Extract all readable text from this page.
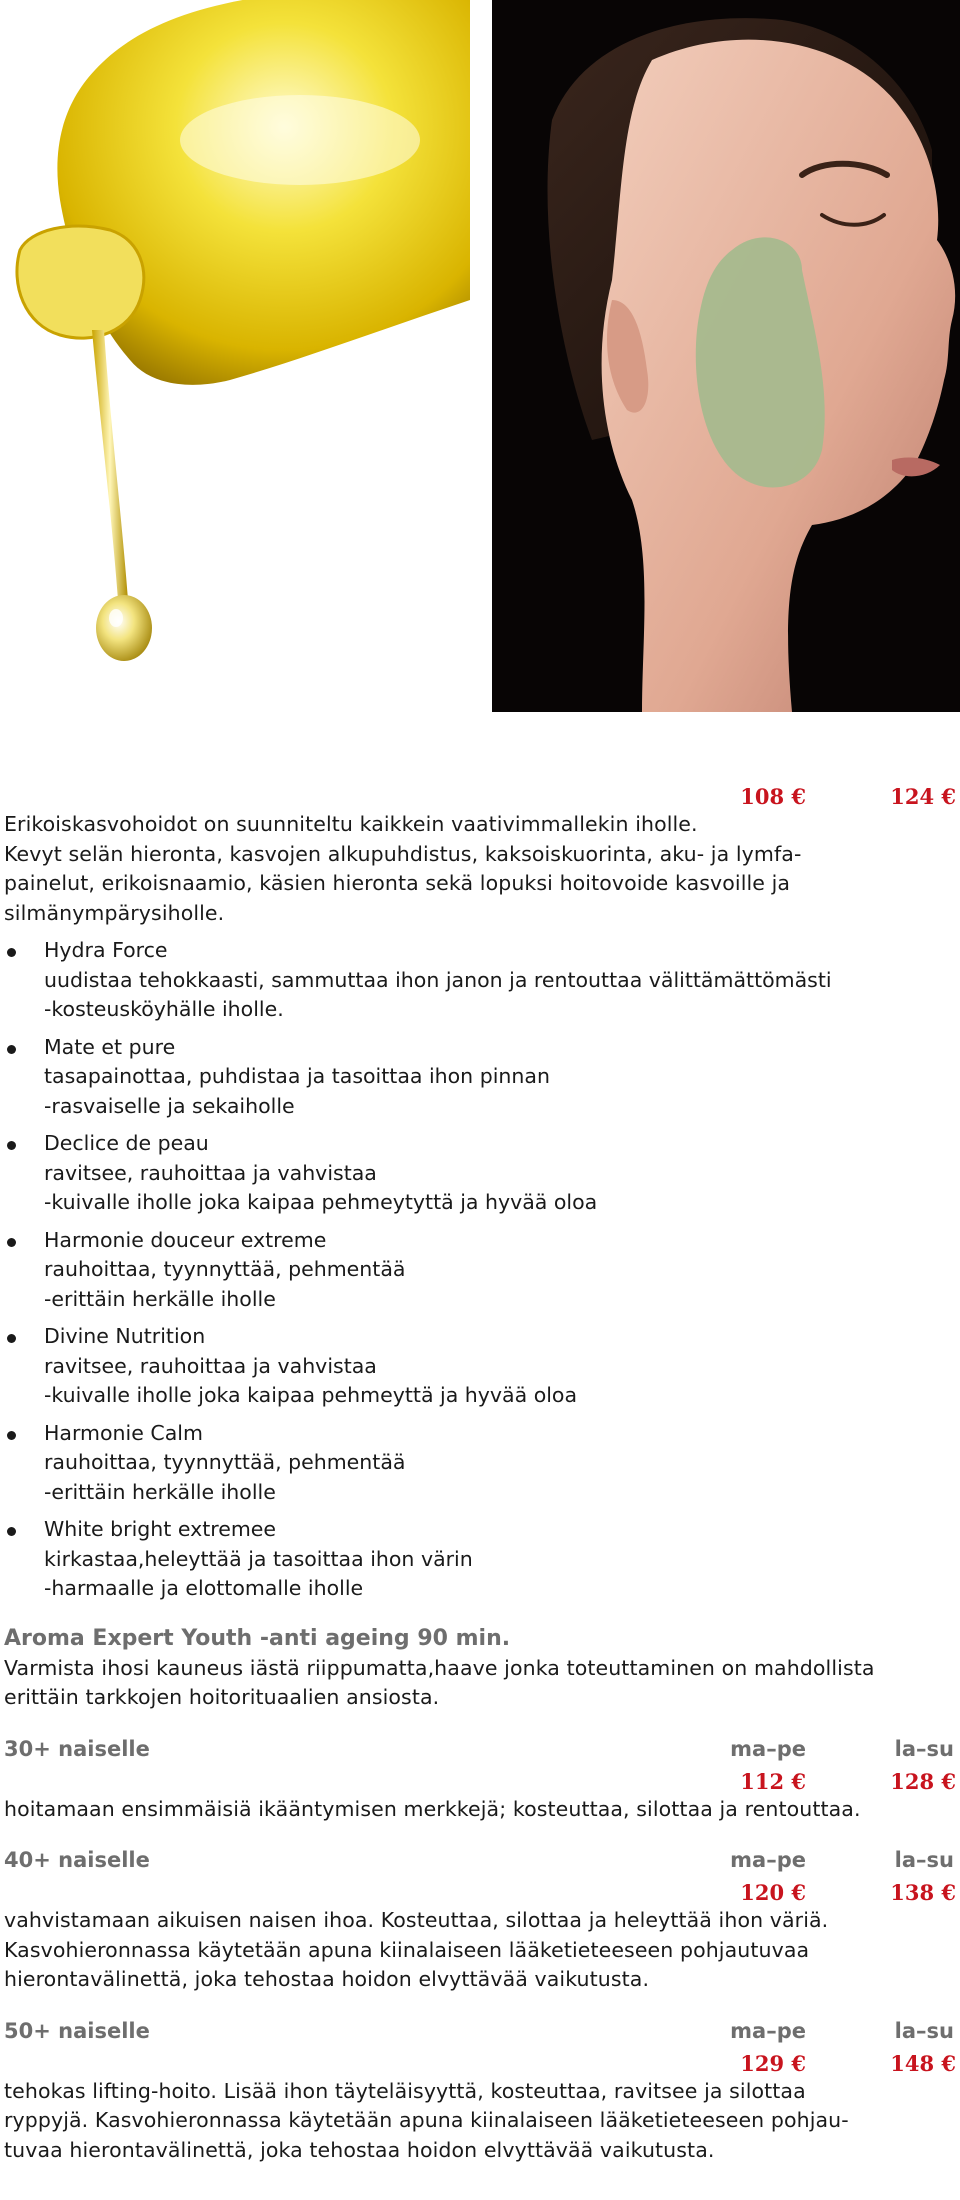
108 €	124 €

Erikoiskasvohoidot on suunniteltu kaikkein vaativimmallekin iholle.
Kevyt selän hieronta, kasvojen alkupuhdistus, kaksoiskuorinta, aku- ja lymfa-
painelut, erikoisnaamio, käsien hieronta sekä lopuksi hoitovoide kasvoille ja
silmänympärysiholle.

Hydra Force
uudistaa tehokkaasti, sammuttaa ihon janon ja rentouttaa välittämättömästi
-kosteusköyhälle iholle.
Mate et pure
tasapainottaa, puhdistaa ja tasoittaa ihon pinnan
-rasvaiselle ja sekaiholle
Declice de peau
ravitsee, rauhoittaa ja vahvistaa
-kuivalle iholle joka kaipaa pehmeytyttä ja hyvää oloa
Harmonie douceur extreme
rauhoittaa, tyynnyttää, pehmentää
-erittäin herkälle iholle
Divine Nutrition
ravitsee, rauhoittaa ja vahvistaa
-kuivalle iholle joka kaipaa pehmeyttä ja hyvää oloa
Harmonie Calm
rauhoittaa, tyynnyttää, pehmentää
-erittäin herkälle iholle
White bright extremee
kirkastaa,heleyttää ja tasoittaa ihon värin
-harmaalle ja elottomalle iholle
Aroma Expert Youth -anti ageing 90 min.

Varmista ihosi kauneus iästä riippumatta,haave jonka toteuttaminen on mahdollista
erittäin tarkkojen hoitorituaalien ansiosta.

30+ naiselle	ma–pe	la–su
112 €	128 €

hoitamaan ensimmäisiä ikääntymisen merkkejä; kosteuttaa, silottaa ja rentouttaa.

40+ naiselle	ma–pe	la–su
120 €	138 €

vahvistamaan aikuisen naisen ihoa. Kosteuttaa, silottaa ja heleyttää ihon väriä.
Kasvohieronnassa käytetään apuna kiinalaiseen lääketieteeseen pohjautuvaa
hierontavälinettä, joka tehostaa hoidon elvyttävää vaikutusta.

50+ naiselle	ma–pe	la–su
129 €	148 €

tehokas lifting-hoito. Lisää ihon täyteläisyyttä, kosteuttaa, ravitsee ja silottaa
ryppyjä. Kasvohieronnassa käytetään apuna kiinalaiseen lääketieteeseen pohjau-
tuvaa hierontavälinettä, joka tehostaa hoidon elvyttävää vaikutusta.
